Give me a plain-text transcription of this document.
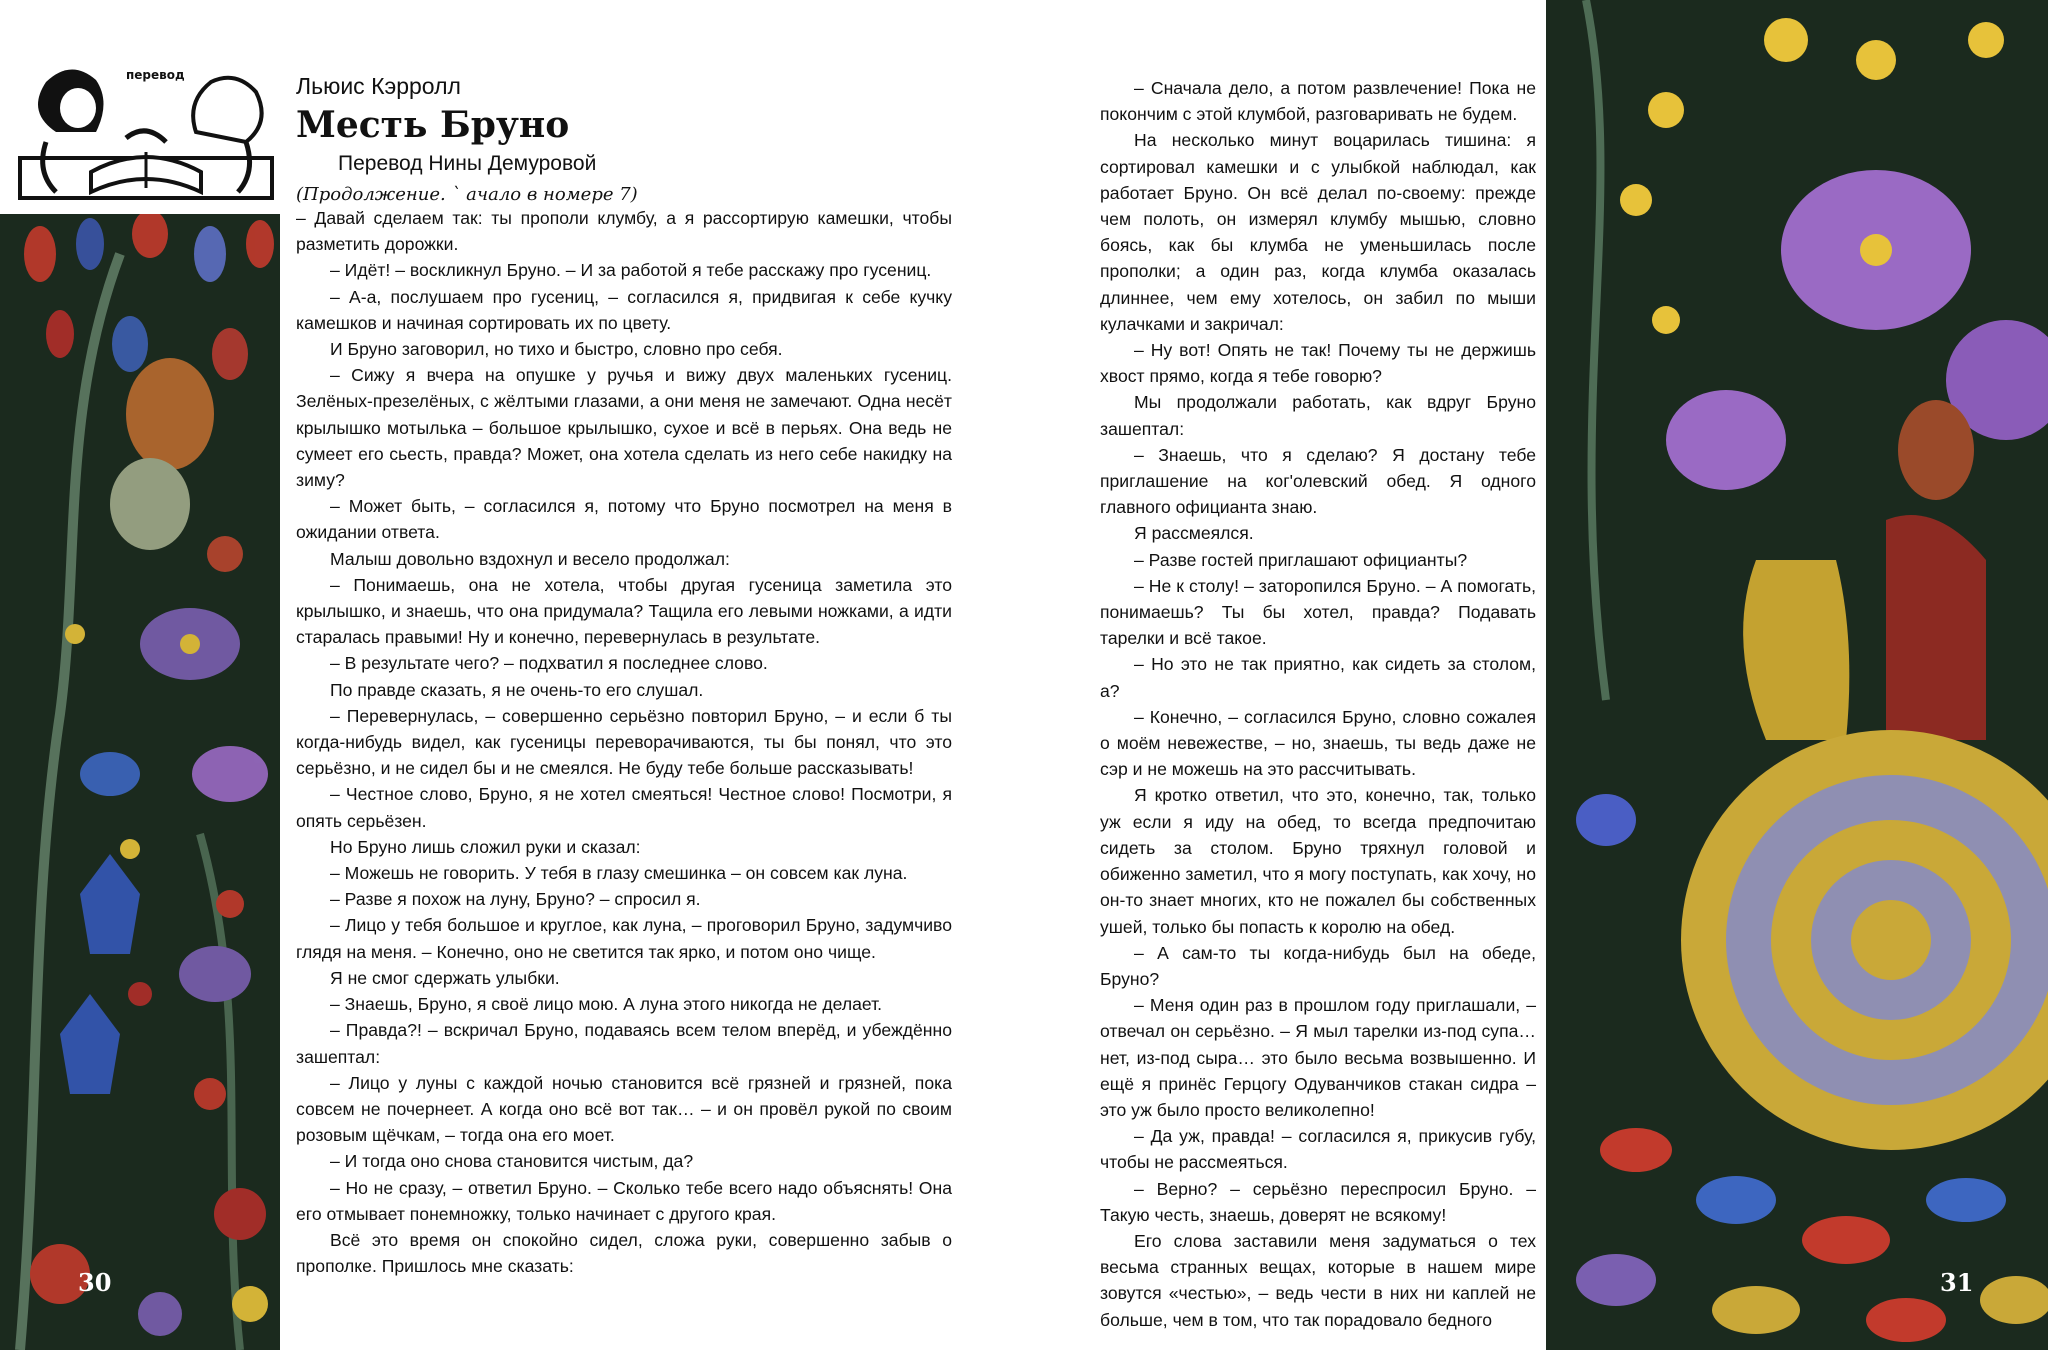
30	31
перевод	Льюис Кэрролл
Месть Бруно
Перевод Нины Демуровой
(Продолжение. ` ачало в номере 7)

– Давай сделаем так: ты прополи клумбу, а я рассортирую камешки, чтобы разметить дорожки.

– Идёт! – воскликнул Бруно. – И за работой я тебе расскажу про гусениц.

– А-а, послушаем про гусениц, – согласился я, придвигая к себе кучку камешков и начиная сортировать их по цвету.

И Бруно заговорил, но тихо и быстро, словно про себя.

– Сижу я вчера на опушке у ручья и вижу двух маленьких гусениц. Зелёных-презелёных, с жёлтыми глазами, а они меня не замечают. Одна несёт крылышко мотылька – большое крылышко, сухое и всё в перьях. Она ведь не сумеет его сьесть, правда? Может, она хотела сделать из него себе накидку на зиму?

– Может быть, – согласился я, потому что Бруно посмотрел на меня в ожидании ответа.

Малыш довольно вздохнул и весело продолжал:

– Понимаешь, она не хотела, чтобы другая гусеница заметила это крылышко, и знаешь, что она придумала? Тащила его левыми ножками, а идти старалась правыми! Ну и конечно, перевернулась в результате.

– В результате чего? – подхватил я последнее слово.

По правде сказать, я не очень-то его слушал.

– Перевернулась, – совершенно серьёзно повторил Бруно, – и если б ты когда-нибудь видел, как гусеницы переворачиваются, ты бы понял, что это серьёзно, и не сидел бы и не смеялся. Не буду тебе больше рассказывать!

– Честное слово, Бруно, я не хотел смеяться! Честное слово! Посмотри, я опять серьёзен.

Но Бруно лишь сложил руки и сказал:

– Можешь не говорить. У тебя в глазу смешинка – он совсем как луна.

– Разве я похож на луну, Бруно? – спросил я.

– Лицо у тебя большое и круглое, как луна, – проговорил Бруно, задумчиво глядя на меня. – Конечно, оно не светится так ярко, и потом оно чище.

Я не смог сдержать улыбки.

– Знаешь, Бруно, я своё лицо мою. А луна этого никогда не делает.

– Правда?! – вскричал Бруно, подаваясь всем телом вперёд, и убеждённо зашептал:

– Лицо у луны с каждой ночью становится всё грязней и грязней, пока совсем не почернеет. А когда оно всё вот так… – и он провёл рукой по своим розовым щёчкам, – тогда она его моет.

– И тогда оно снова становится чистым, да?

– Но не сразу, – ответил Бруно. – Сколько тебе всего надо объяснять! Она его отмывает понемножку, только начинает с другого края.

Всё это время он спокойно сидел, сложа руки, совершенно забыв о прополке. Пришлось мне сказать:

– Сначала дело, а потом развлечение! Пока не покончим с этой клумбой, разговаривать не будем.

На несколько минут воцарилась тишина: я сортировал камешки и с улыбкой наблюдал, как работает Бруно. Он всё делал по-своему: прежде чем полоть, он измерял клумбу мышью, словно боясь, как бы клумба не уменьшилась после прополки; а один раз, когда клумба оказалась длиннее, чем ему хотелось, он забил по мыши кулачками и закричал:

– Ну вот! Опять не так! Почему ты не держишь хвост прямо, когда я тебе говорю?

Мы продолжали работать, как вдруг Бруно зашептал:

– Знаешь, что я сделаю? Я достану тебе приглашение на ког'олевский обед. Я одного главного официанта знаю.

Я рассмеялся.

– Разве гостей приглашают официанты?

– Не к столу! – заторопился Бруно. – А помогать, понимаешь? Ты бы хотел, правда? Подавать тарелки и всё такое.

– Но это не так приятно, как сидеть за столом, а?

– Конечно, – согласился Бруно, словно сожалея о моём невежестве, – но, знаешь, ты ведь даже не сэр и не можешь на это рассчитывать.

Я кротко ответил, что это, конечно, так, только уж если я иду на обед, то всегда предпочитаю сидеть за столом. Бруно тряхнул головой и обиженно заметил, что я могу поступать, как хочу, но он-то знает многих, кто не пожалел бы собственных ушей, только бы попасть к королю на обед.

– А сам-то ты когда-нибудь был на обеде, Бруно?

– Меня один раз в прошлом году приглашали, – отвечал он серьёзно. – Я мыл тарелки из-под супа… нет, из-под сыра… это было весьма возвышенно. И ещё я принёс Герцогу Одуванчиков стакан сидра – это уж было просто великолепно!

– Да уж, правда! – согласился я, прикусив губу, чтобы не рассмеяться.

– Верно? – серьёзно переспросил Бруно. – Такую честь, знаешь, доверят не всякому!

Его слова заставили меня задуматься о тех весьма странных вещах, которые в нашем мире зовутся «честью», – ведь чести в них ни каплей не больше, чем в том, что так порадовало бедного
